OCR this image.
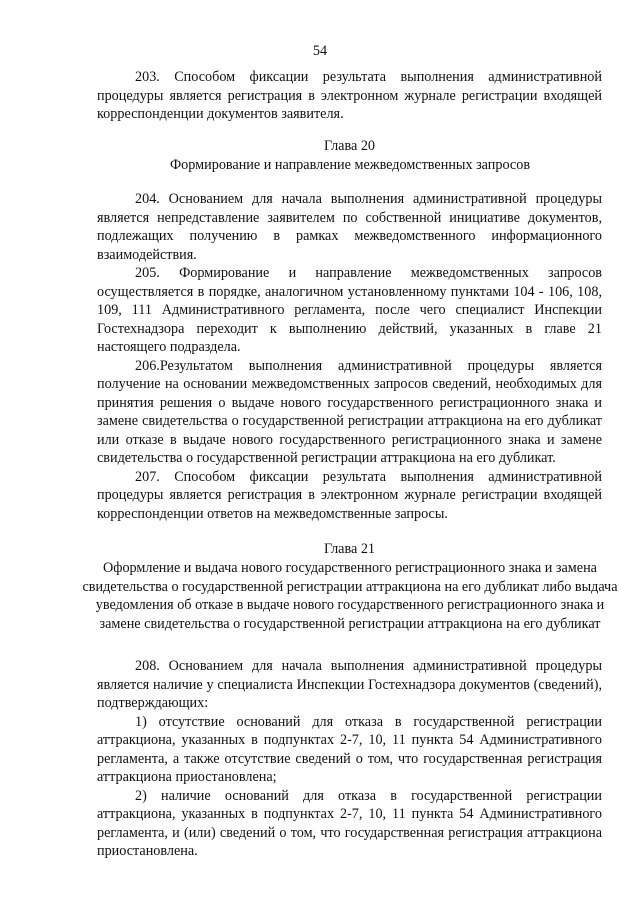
54

203. Способом фиксации результата выполнения административной процедуры является регистрация в электронном журнале регистрации входящей корреспонденции документов заявителя.

Глава 20

Формирование и направление межведомственных запросов

204. Основанием для начала выполнения административной процедуры является непредставление заявителем по собственной инициативе документов, подлежащих получению в рамках межведомственного информационного взаимодействия.

205. Формирование и направление межведомственных запросов осуществляется в порядке, аналогичном установленному пунктами 104 - 106, 108, 109, 111 Административного регламента, после чего специалист Инспекции Гостехнадзора переходит к выполнению действий, указанных в главе 21 настоящего подраздела.

206.Результатом выполнения административной процедуры является получение на основании межведомственных запросов сведений, необходимых для принятия решения о выдаче нового государственного регистрационного знака и замене свидетельства о государственной регистрации аттракциона на его дубликат или отказе в выдаче нового государственного регистрационного знака и замене свидетельства о государственной регистрации аттракциона на его дубликат.

207. Способом фиксации результата выполнения административной процедуры является регистрация в электронном журнале регистрации входящей корреспонденции ответов на межведомственные запросы.

Глава 21

Оформление и выдача нового государственного регистрационного знака и замена свидетельства о государственной регистрации аттракциона на его дубликат либо выдача уведомления об отказе в выдаче нового государственного регистрационного знака и замене свидетельства о государственной регистрации аттракциона на его дубликат

208. Основанием для начала выполнения административной процедуры является наличие у специалиста Инспекции Гостехнадзора документов (сведений), подтверждающих:

1) отсутствие оснований для отказа в государственной регистрации аттракциона, указанных в подпунктах 2-7, 10, 11 пункта 54 Административного регламента, а также отсутствие сведений о том, что государственная регистрация аттракциона приостановлена;

2) наличие оснований для отказа в государственной регистрации аттракциона, указанных в подпунктах 2-7, 10, 11 пункта 54 Административного регламента, и (или) сведений о том, что государственная регистрация аттракциона приостановлена.
